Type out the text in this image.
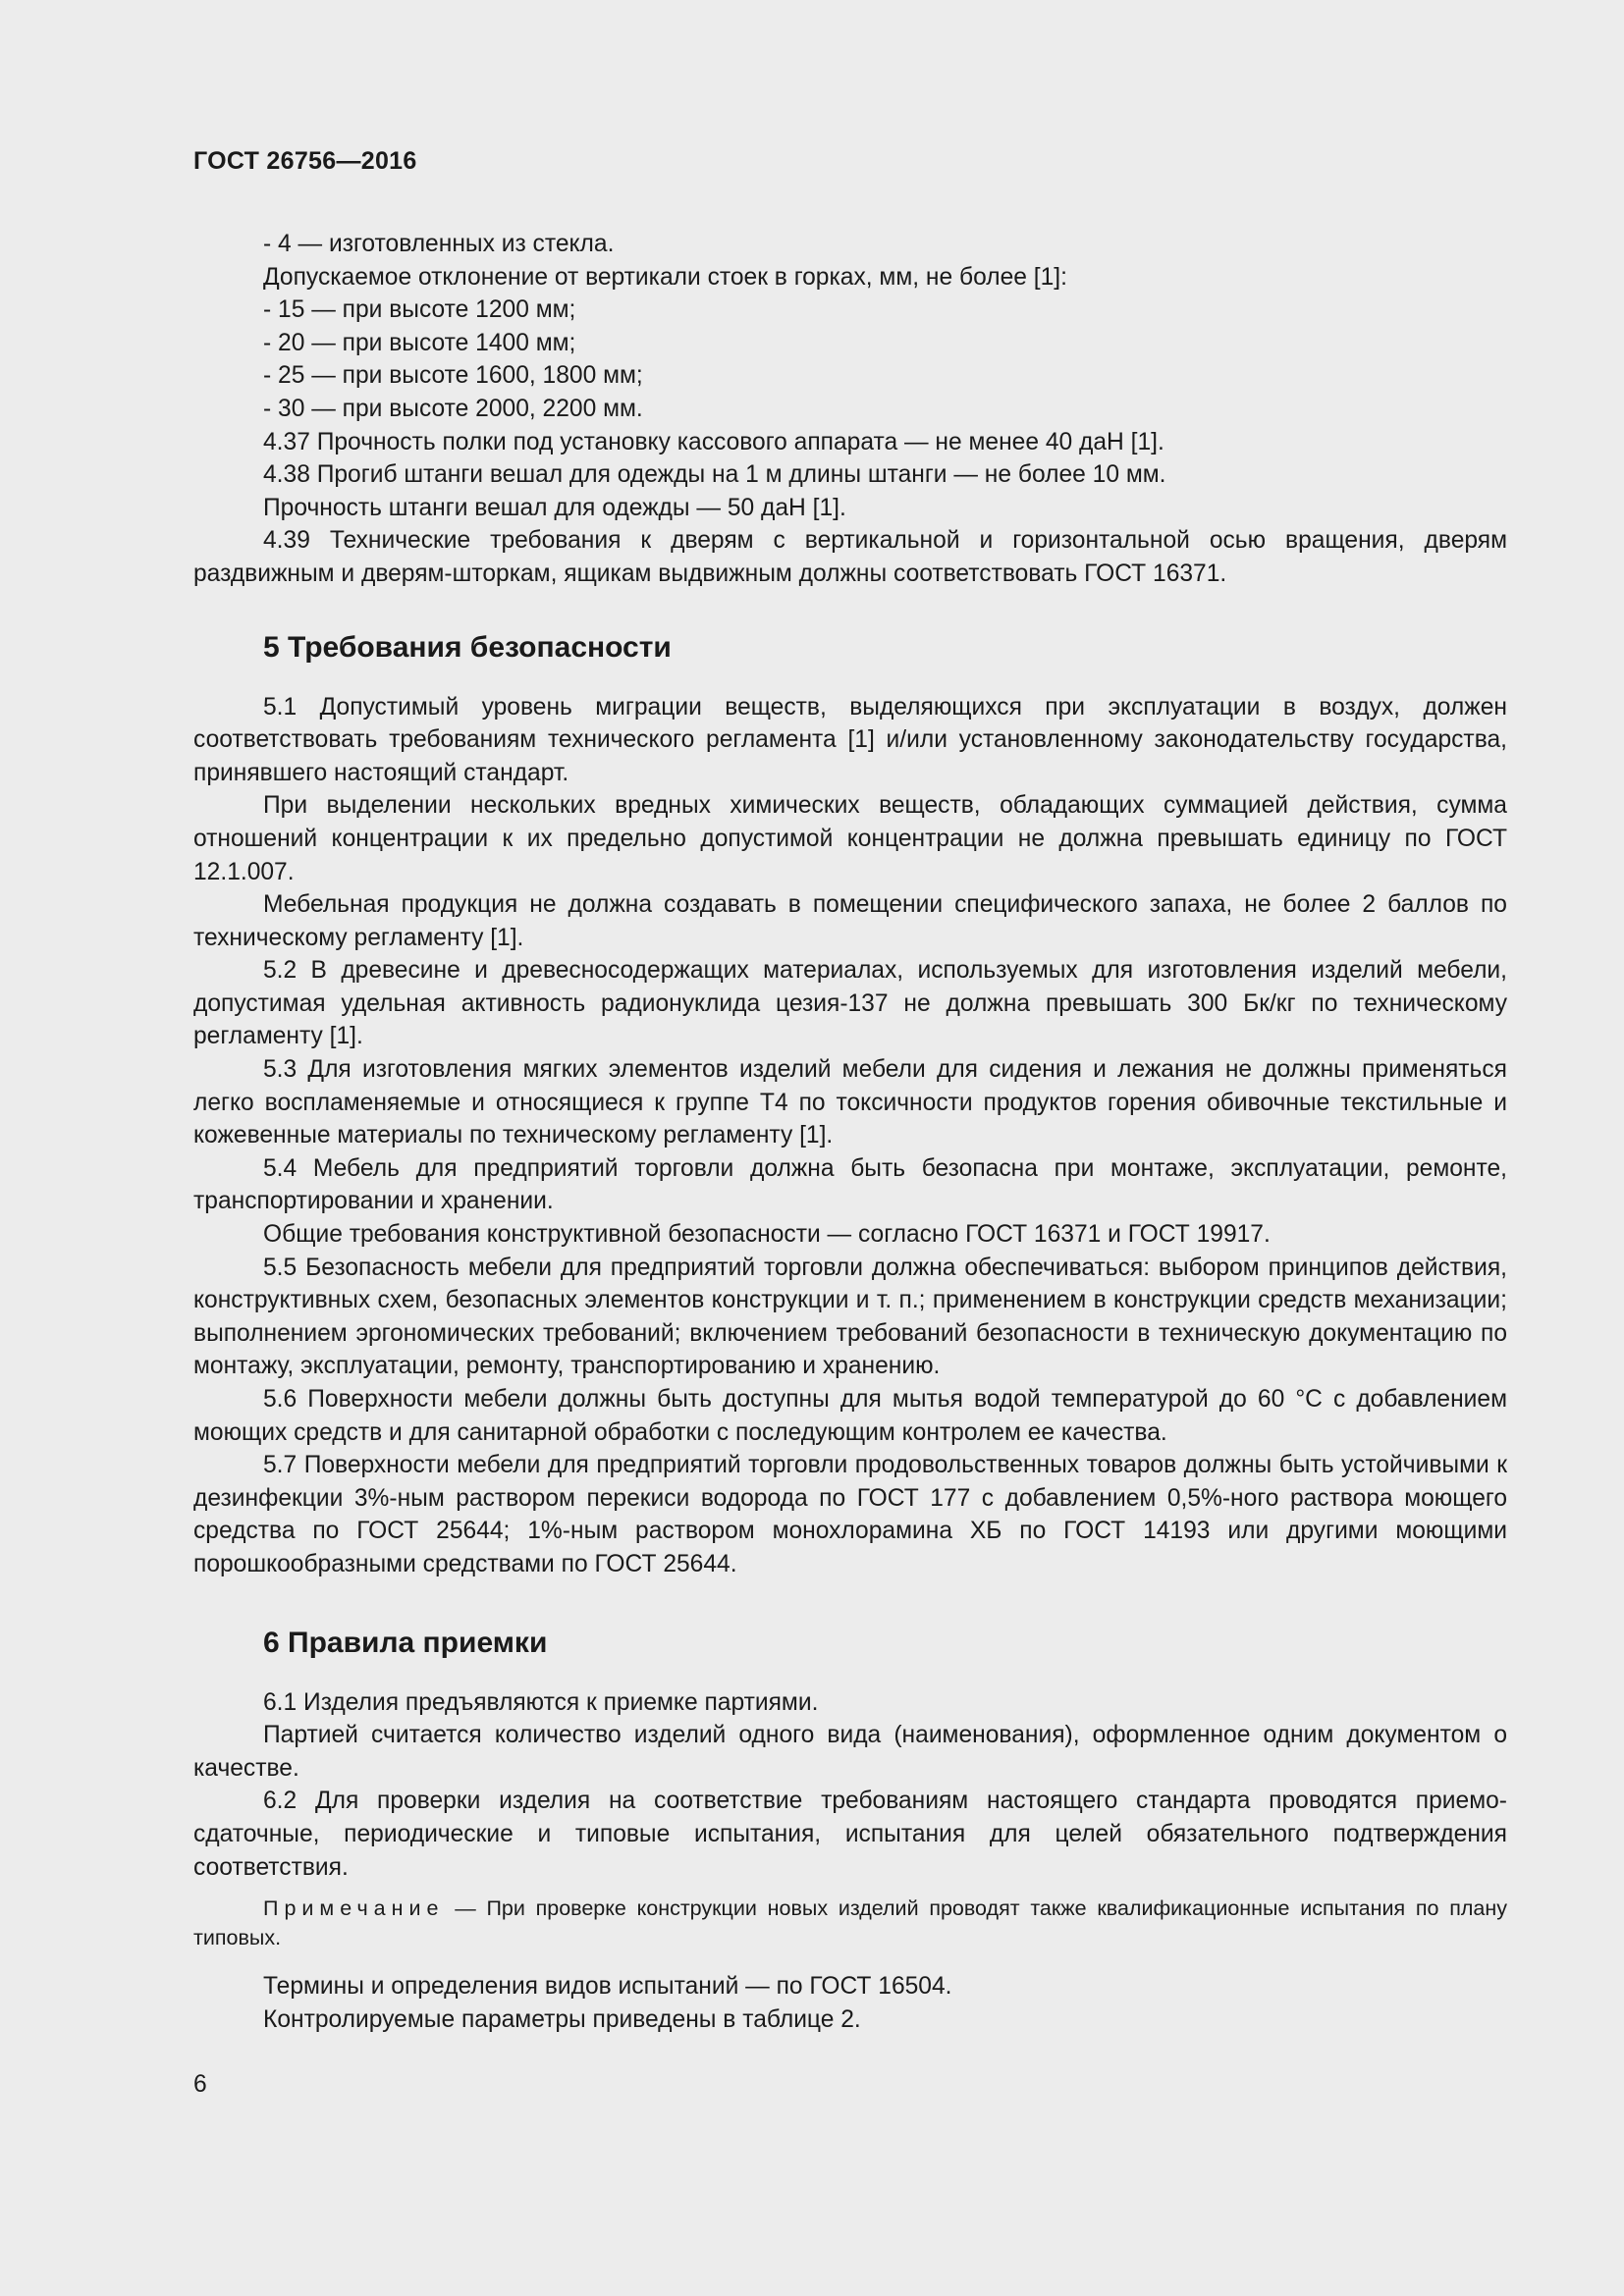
ГОСТ 26756—2016

- 4 — изготовленных из стекла.

Допускаемое отклонение от вертикали стоек в горках, мм, не более [1]:

- 15 — при высоте 1200 мм;

- 20 — при высоте 1400 мм;

- 25 — при высоте 1600, 1800 мм;

- 30 — при высоте 2000, 2200 мм.

4.37 Прочность полки под установку кассового аппарата — не менее 40 даН [1].

4.38 Прогиб штанги вешал для одежды на 1 м длины штанги — не более 10 мм.

Прочность штанги вешал для одежды — 50 даН [1].

4.39 Технические требования к дверям с вертикальной и горизонтальной осью вращения, дверям раздвижным и дверям-шторкам, ящикам выдвижным должны соответствовать ГОСТ 16371.

5 Требования безопасности

5.1 Допустимый уровень миграции веществ, выделяющихся при эксплуатации в воздух, должен соответствовать требованиям технического регламента [1] и/или установленному законодательству государства, принявшего настоящий стандарт.

При выделении нескольких вредных химических веществ, обладающих суммацией действия, сумма отношений концентрации к их предельно допустимой концентрации не должна превышать единицу по ГОСТ 12.1.007.

Мебельная продукция не должна создавать в помещении специфического запаха, не более 2 баллов по техническому регламенту [1].

5.2 В древесине и древесносодержащих материалах, используемых для изготовления изделий мебели, допустимая удельная активность радионуклида цезия-137 не должна превышать 300 Бк/кг по техническому регламенту [1].

5.3 Для изготовления мягких элементов изделий мебели для сидения и лежания не должны применяться легко воспламеняемые и относящиеся к группе Т4 по токсичности продуктов горения обивочные текстильные и кожевенные материалы по техническому регламенту [1].

5.4 Мебель для предприятий торговли должна быть безопасна при монтаже, эксплуатации, ремонте, транспортировании и хранении.

Общие требования конструктивной безопасности — согласно ГОСТ 16371 и ГОСТ 19917.

5.5 Безопасность мебели для предприятий торговли должна обеспечиваться: выбором принципов действия, конструктивных схем, безопасных элементов конструкции и т. п.; применением в конструкции средств механизации; выполнением эргономических требований; включением требований безопасности в техническую документацию по монтажу, эксплуатации, ремонту, транспортированию и хранению.

5.6 Поверхности мебели должны быть доступны для мытья водой температурой до 60 °С с добавлением моющих средств и для санитарной обработки с последующим контролем ее качества.

5.7 Поверхности мебели для предприятий торговли продовольственных товаров должны быть устойчивыми к дезинфекции 3%-ным раствором перекиси водорода по ГОСТ 177 с добавлением 0,5%-ного раствора моющего средства по ГОСТ 25644; 1%-ным раствором монохлорамина ХБ по ГОСТ 14193 или другими моющими порошкообразными средствами по ГОСТ 25644.

6 Правила приемки

6.1 Изделия предъявляются к приемке партиями.

Партией считается количество изделий одного вида (наименования), оформленное одним документом о качестве.

6.2 Для проверки изделия на соответствие требованиям настоящего стандарта проводятся приемо-сдаточные, периодические и типовые испытания, испытания для целей обязательного подтверждения соответствия.

Примечание — При проверке конструкции новых изделий проводят также квалификационные испытания по плану типовых.

Термины и определения видов испытаний — по ГОСТ 16504.

Контролируемые параметры приведены в таблице 2.

6
